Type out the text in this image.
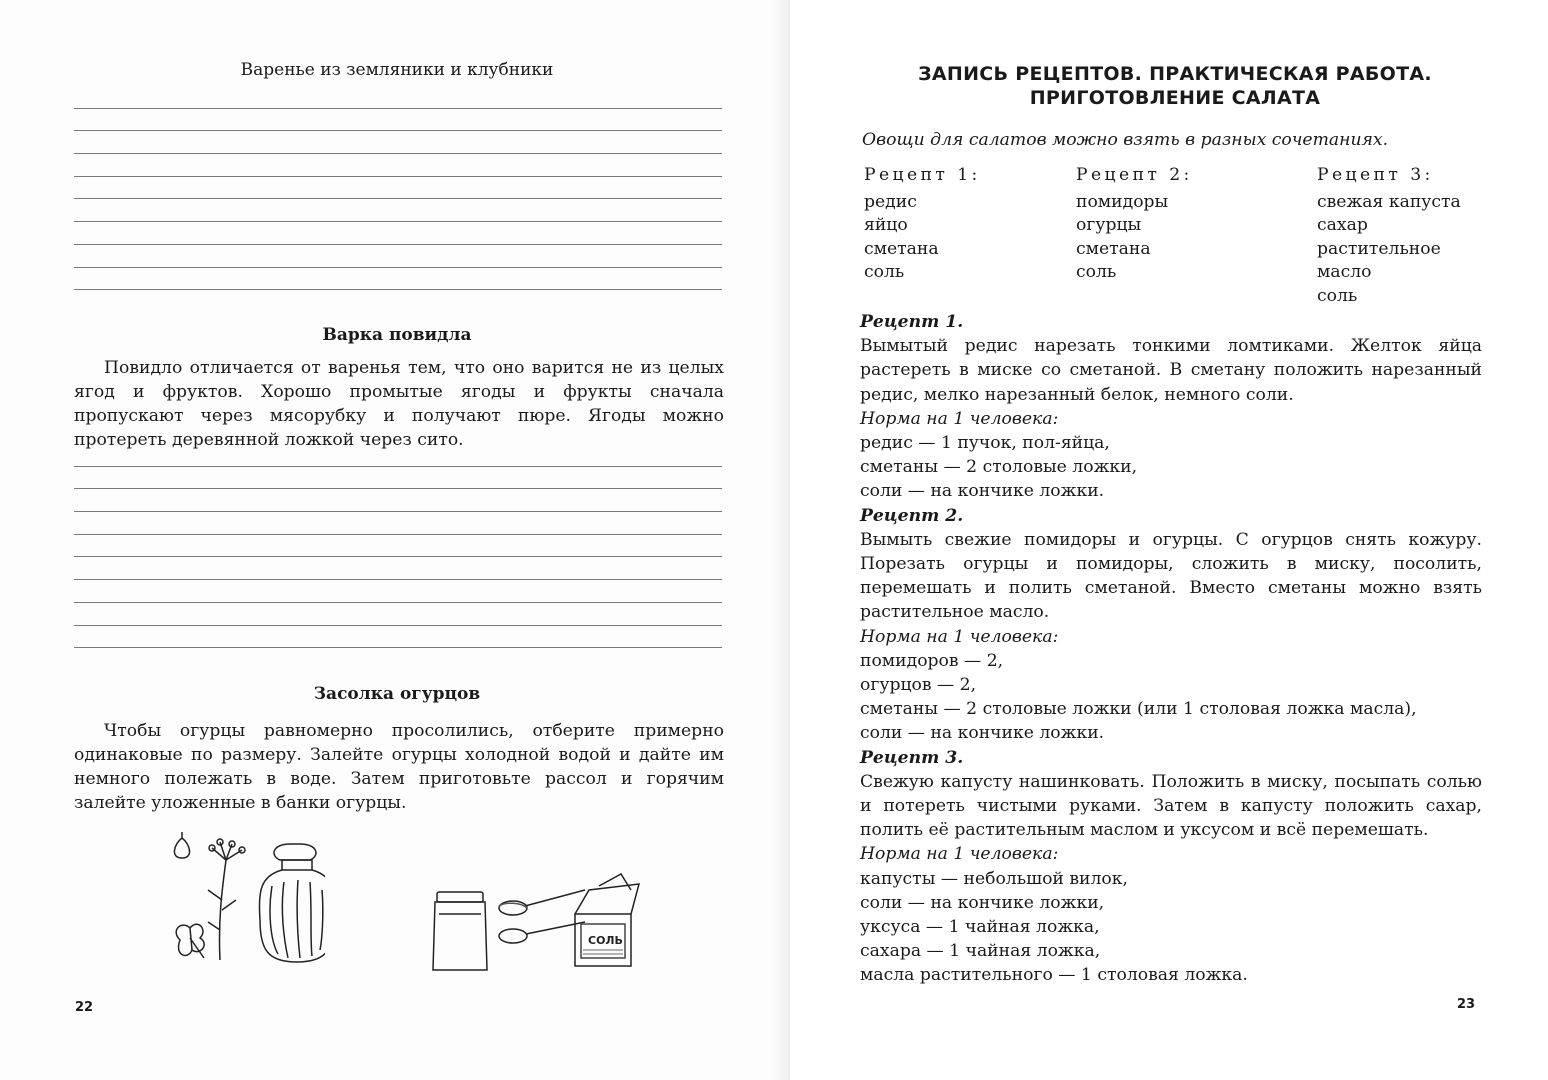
Варенье из земляники и клубники
Варка повидла

Повидло отличается от варенья тем, что оно варится не из целых ягод и фруктов. Хорошо промытые ягоды и фрукты сначала пропускают через мясорубку и получают пюре. Ягоды можно протереть деревянной ложкой через сито.

Засолка огурцов

Чтобы огурцы равномерно просолились, отберите примерно одинаковые по размеру. Залейте огурцы холодной водой и дайте им немного полежать в воде. Затем приготовьте рассол и горячим залейте уложенные в банки огурцы.

СОЛЬ
22
ЗАПИСЬ РЕЦЕПТОВ. ПРАКТИЧЕСКАЯ РАБОТА.
ПРИГОТОВЛЕНИЕ САЛАТА

Овощи для салатов можно взять в разных сочетаниях.

Рецепт 1:
редис
яйцо
сметана
соль
Рецепт 2:
помидоры
огурцы
сметана
соль
Рецепт 3:
свежая капуста
сахар
растительное
масло
соль

Рецепт 1.

Вымытый редис нарезать тонкими ломтиками. Желток яйца растереть в миске со сметаной. В сметану положить нарезанный редис, мелко нарезанный белок, немного соли.

Норма на 1 человека:

редис — 1 пучок, пол-яйца,

сметаны — 2 столовые ложки,

соли — на кончике ложки.

Рецепт 2.

Вымыть свежие помидоры и огурцы. С огурцов снять кожуру. Порезать огурцы и помидоры, сложить в миску, посолить, перемешать и полить сметаной. Вместо сметаны можно взять растительное масло.

Норма на 1 человека:

помидоров — 2,

огурцов — 2,

сметаны — 2 столовые ложки (или 1 столовая ложка масла),

соли — на кончике ложки.

Рецепт 3.

Свежую капусту нашинковать. Положить в миску, посыпать солью и потереть чистыми руками. Затем в капусту положить сахар, полить её растительным маслом и уксусом и всё перемешать.

Норма на 1 человека:

капусты — небольшой вилок,

соли — на кончике ложки,

уксуса — 1 чайная ложка,

сахара — 1 чайная ложка,

масла растительного — 1 столовая ложка.

23
